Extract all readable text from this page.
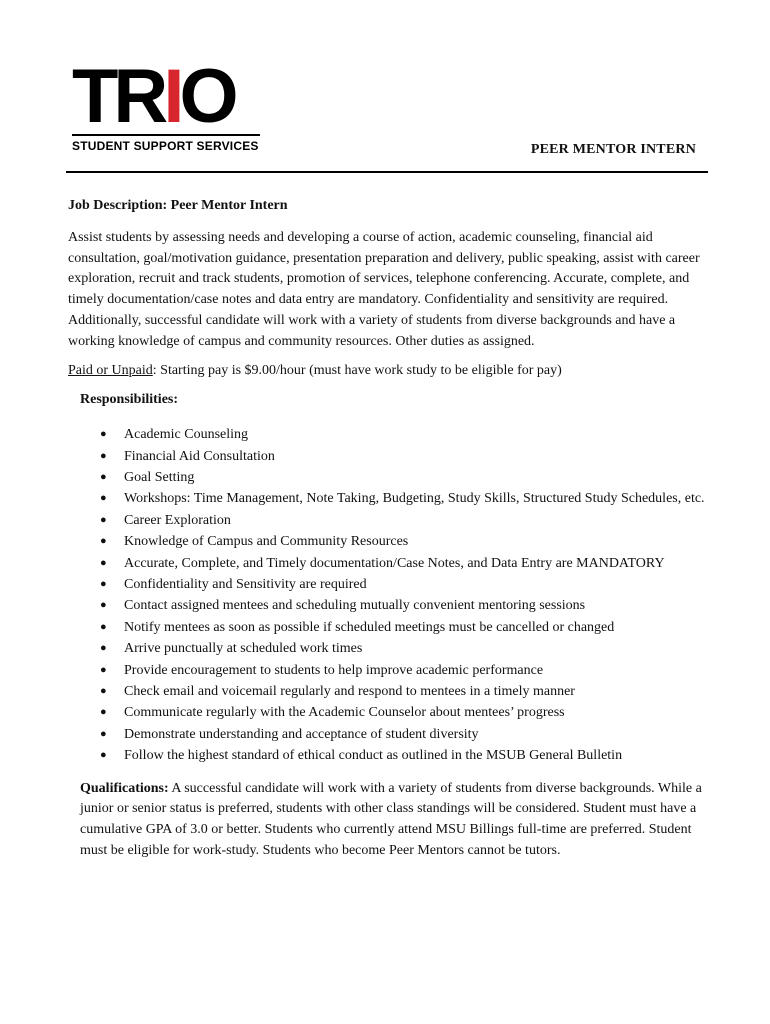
TRIO
STUDENT SUPPORT SERVICES	PEER MENTOR INTERN

Job Description: Peer Mentor Intern

Assist students by assessing needs and developing a course of action, academic counseling, financial aid consultation, goal/motivation guidance, presentation preparation and delivery, public speaking, assist with career exploration, recruit and track students, promotion of services, telephone conferencing. Accurate, complete, and timely documentation/case notes and data entry are mandatory. Confidentiality and sensitivity are required. Additionally, successful candidate will work with a variety of students from diverse backgrounds and have a working knowledge of campus and community resources. Other duties as assigned.

Paid or Unpaid: Starting pay is $9.00/hour (must have work study to be eligible for pay)

Responsibilities:

● Academic Counseling
● Financial Aid Consultation
● Goal Setting
● Workshops: Time Management, Note Taking, Budgeting, Study Skills, Structured Study Schedules, etc.
● Career Exploration
● Knowledge of Campus and Community Resources
● Accurate, Complete, and Timely documentation/Case Notes, and Data Entry are MANDATORY
● Confidentiality and Sensitivity are required
● Contact assigned mentees and scheduling mutually convenient mentoring sessions
● Notify mentees as soon as possible if scheduled meetings must be cancelled or changed
● Arrive punctually at scheduled work times
● Provide encouragement to students to help improve academic performance
● Check email and voicemail regularly and respond to mentees in a timely manner
● Communicate regularly with the Academic Counselor about mentees’ progress
● Demonstrate understanding and acceptance of student diversity
● Follow the highest standard of ethical conduct as outlined in the MSUB General Bulletin

Qualifications: A successful candidate will work with a variety of students from diverse backgrounds. While a junior or senior status is preferred, students with other class standings will be considered. Student must have a cumulative GPA of 3.0 or better. Students who currently attend MSU Billings full-time are preferred. Student must be eligible for work-study. Students who become Peer Mentors cannot be tutors.
